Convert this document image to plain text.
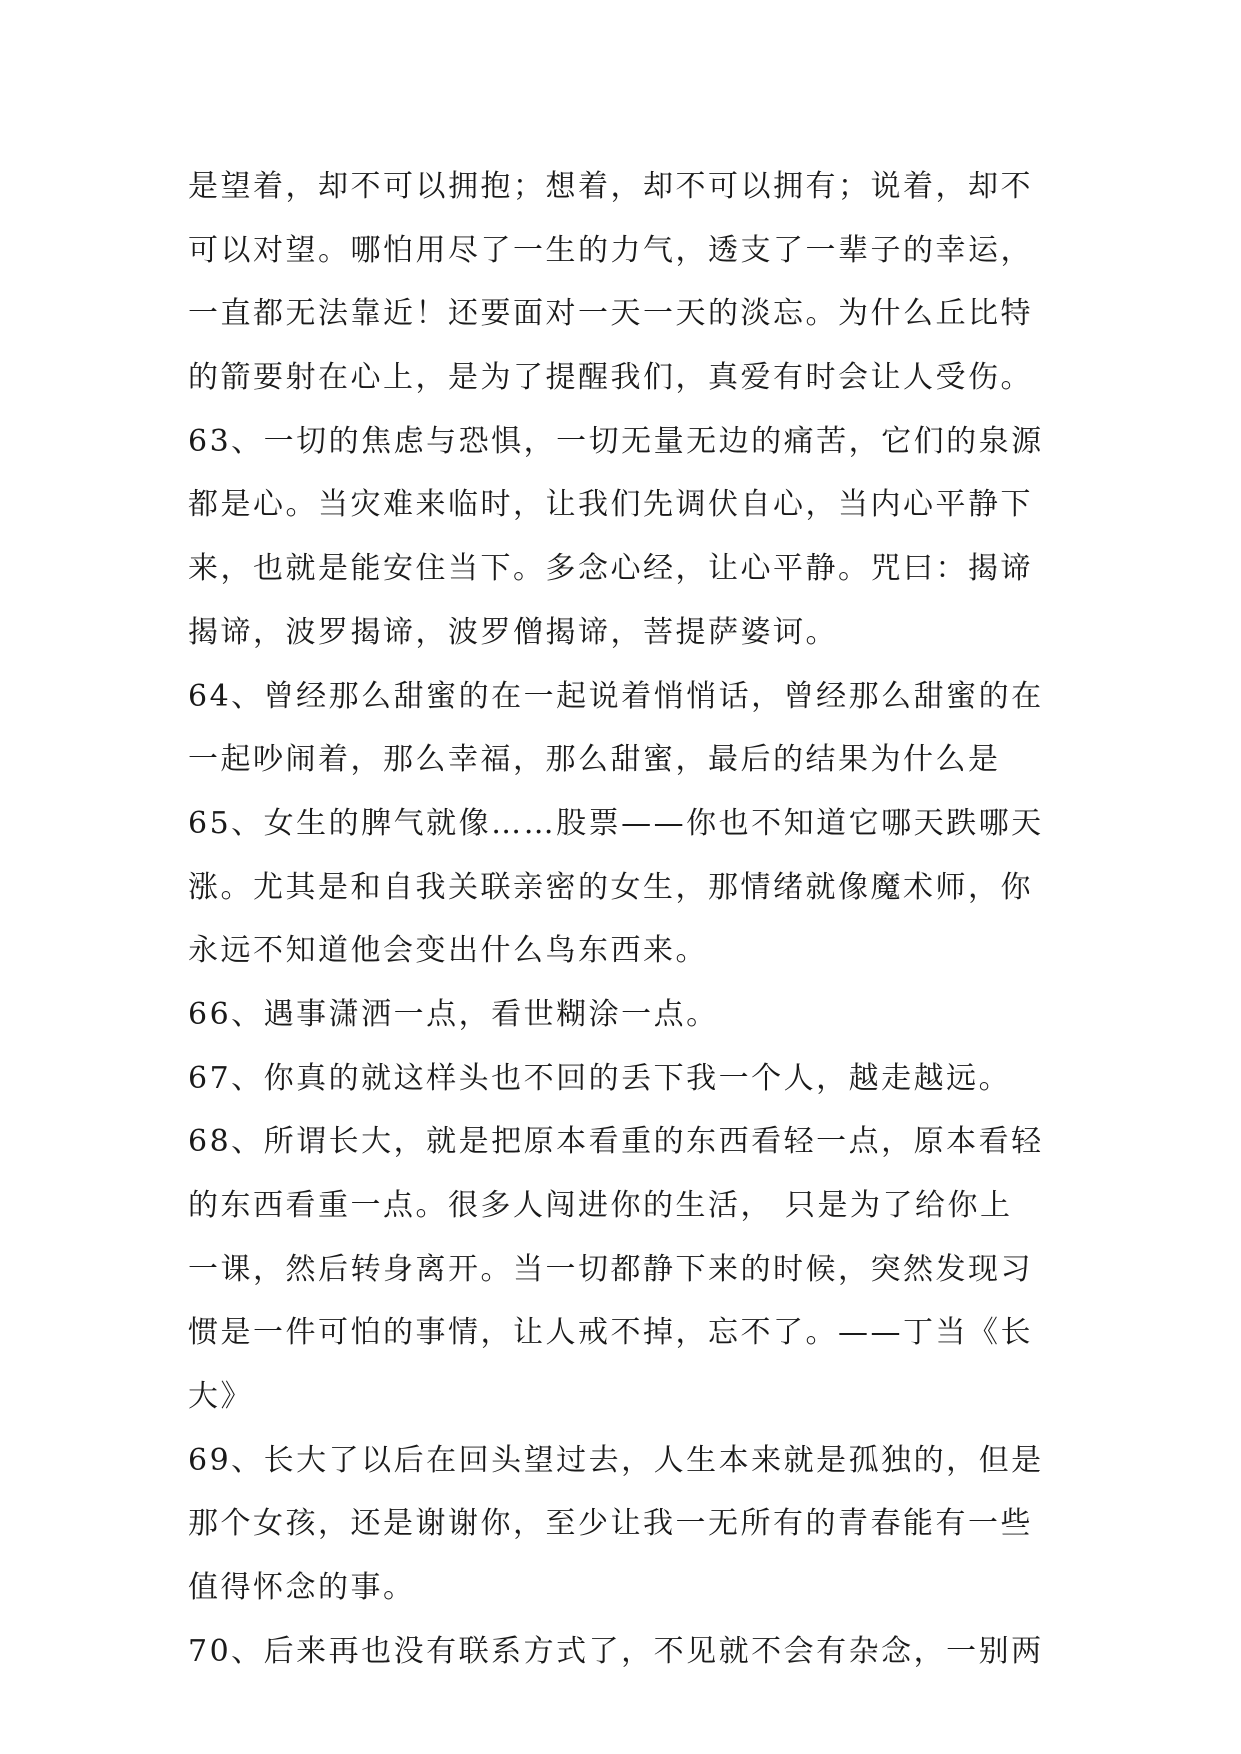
是望着，却不可以拥抱；想着，却不可以拥有；说着，却不
可以对望。哪怕用尽了一生的力气，透支了一辈子的幸运，
一直都无法靠近！还要面对一天一天的淡忘。为什么丘比特
的箭要射在心上，是为了提醒我们，真爱有时会让人受伤。
63、一切的焦虑与恐惧，一切无量无边的痛苦，它们的泉源
都是心。当灾难来临时，让我们先调伏自心，当内心平静下
来，也就是能安住当下。多念心经，让心平静。咒曰：揭谛
揭谛，波罗揭谛，波罗僧揭谛，菩提萨婆诃。
64、曾经那么甜蜜的在一起说着悄悄话，曾经那么甜蜜的在
一起吵闹着，那么幸福，那么甜蜜，最后的结果为什么是
65、女生的脾气就像……股票——你也不知道它哪天跌哪天
涨。尤其是和自我关联亲密的女生，那情绪就像魔术师，你
永远不知道他会变出什么鸟东西来。
66、遇事潇洒一点，看世糊涂一点。
67、你真的就这样头也不回的丢下我一个人，越走越远。
68、所谓长大，就是把原本看重的东西看轻一点，原本看轻
的东西看重一点。很多人闯进你的生活， 只是为了给你上
一课，然后转身离开。当一切都静下来的时候，突然发现习
惯是一件可怕的事情，让人戒不掉，忘不了。——丁当《长
大》
69、长大了以后在回头望过去，人生本来就是孤独的，但是
那个女孩，还是谢谢你，至少让我一无所有的青春能有一些
值得怀念的事。
70、后来再也没有联系方式了，不见就不会有杂念，一别两
